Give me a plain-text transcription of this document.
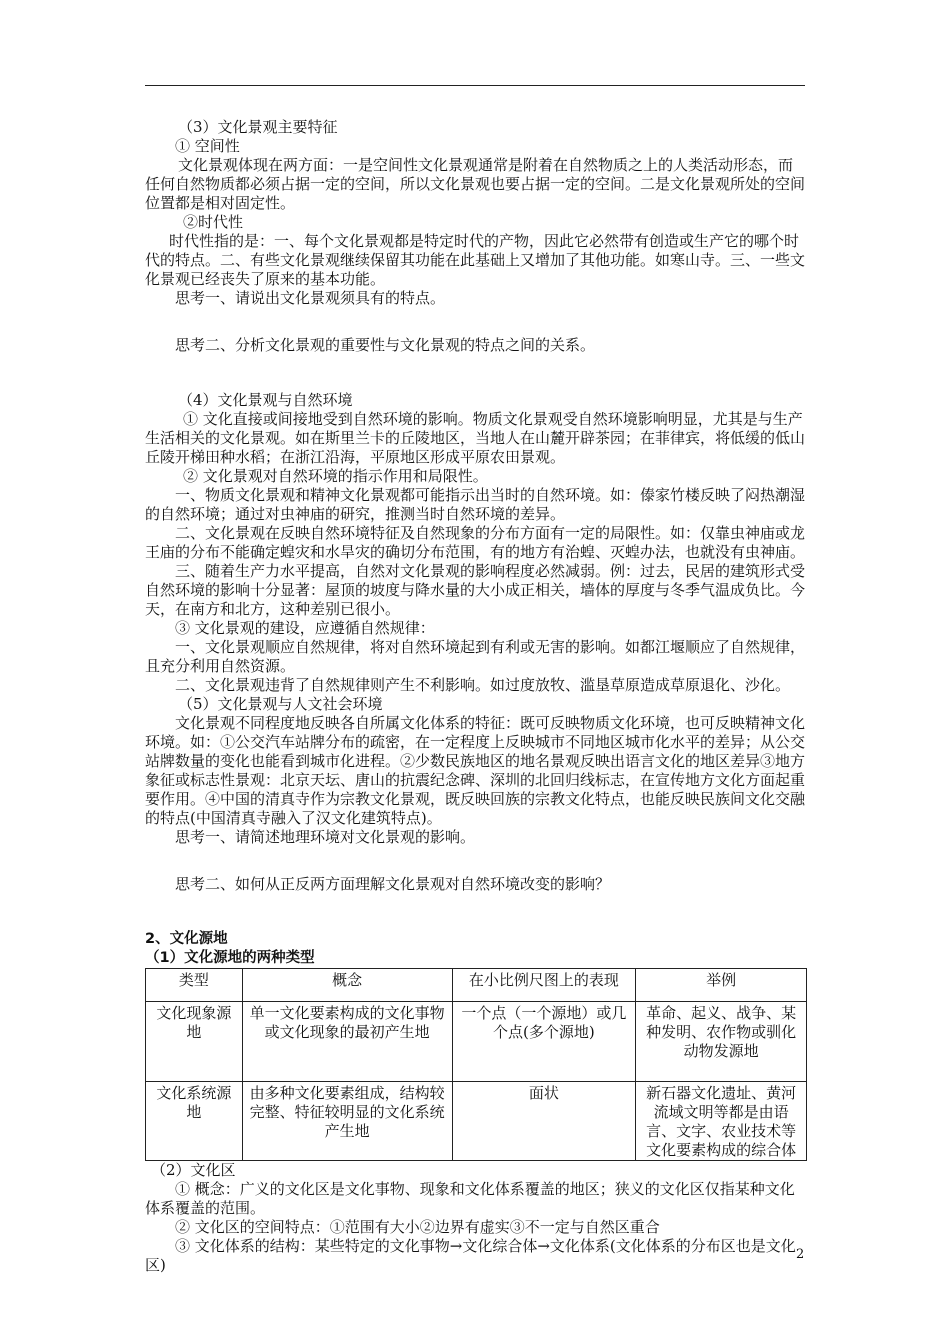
（3）文化景观主要特征

① 空间性

文化景观体现在两方面：一是空间性文化景观通常是附着在自然物质之上的人类活动形态，而任何自然物质都必须占据一定的空间，所以文化景观也要占据一定的空间。二是文化景观所处的空间位置都是相对固定性。

②时代性

时代性指的是：一、每个文化景观都是特定时代的产物，因此它必然带有创造或生产它的哪个时代的特点。二、有些文化景观继续保留其功能在此基础上又增加了其他功能。如寒山寺。三、一些文化景观已经丧失了原来的基本功能。

思考一、请说出文化景观须具有的特点。

思考二、分析文化景观的重要性与文化景观的特点之间的关系。

（4）文化景观与自然环境

① 文化直接或间接地受到自然环境的影响。物质文化景观受自然环境影响明显，尤其是与生产生活相关的文化景观。如在斯里兰卡的丘陵地区，当地人在山麓开辟茶园；在菲律宾，将低缓的低山丘陵开梯田种水稻；在浙江沿海，平原地区形成平原农田景观。

② 文化景观对自然环境的指示作用和局限性。

一、物质文化景观和精神文化景观都可能指示出当时的自然环境。如：傣家竹楼反映了闷热潮湿的自然环境；通过对虫神庙的研究，推测当时自然环境的差异。

二、文化景观在反映自然环境特征及自然现象的分布方面有一定的局限性。如：仅靠虫神庙或龙王庙的分布不能确定蝗灾和水旱灾的确切分布范围，有的地方有治蝗、灭蝗办法，也就没有虫神庙。

三、随着生产力水平提高，自然对文化景观的影响程度必然减弱。例：过去，民居的建筑形式受自然环境的影响十分显著：屋顶的坡度与降水量的大小成正相关，墙体的厚度与冬季气温成负比。今天，在南方和北方，这种差别已很小。

③ 文化景观的建设，应遵循自然规律：

一、文化景观顺应自然规律，将对自然环境起到有利或无害的影响。如都江堰顺应了自然规律，且充分利用自然资源。

二、文化景观违背了自然规律则产生不利影响。如过度放牧、滥垦草原造成草原退化、沙化。

（5）文化景观与人文社会环境

文化景观不同程度地反映各自所属文化体系的特征：既可反映物质文化环境，也可反映精神文化环境。如：①公交汽车站牌分布的疏密，在一定程度上反映城市不同地区城市化水平的差异；从公交站牌数量的变化也能看到城市化进程。②少数民族地区的地名景观反映出语言文化的地区差异③地方象征或标志性景观：北京天坛、唐山的抗震纪念碑、深圳的北回归线标志，在宣传地方文化方面起重要作用。④中国的清真寺作为宗教文化景观，既反映回族的宗教文化特点，也能反映民族间文化交融的特点(中国清真寺融入了汉文化建筑特点)。

思考一、请简述地理环境对文化景观的影响。

思考二、如何从正反两方面理解文化景观对自然环境改变的影响？

2、文化源地

（1）文化源地的两种类型

类型	概念	在小比例尺图上的表现	举例
文化现象源地	单一文化要素构成的文化事物或文化现象的最初产生地	一个点（一个源地）或几个点(多个源地)	革命、起义、战争、某种发明、农作物或驯化动物发源地
文化系统源地	由多种文化要素组成，结构较完整、特征较明显的文化系统产生地	面状	新石器文化遗址、黄河流域文明等都是由语言、文字、农业技术等文化要素构成的综合体

（2）文化区

① 概念：广义的文化区是文化事物、现象和文化体系覆盖的地区；狭义的文化区仅指某种文化体系覆盖的范围。

② 文化区的空间特点：①范围有大小②边界有虚实③不一定与自然区重合

③ 文化体系的结构：某些特定的文化事物→文化综合体→文化体系(文化体系的分布区也是文化区)

2
